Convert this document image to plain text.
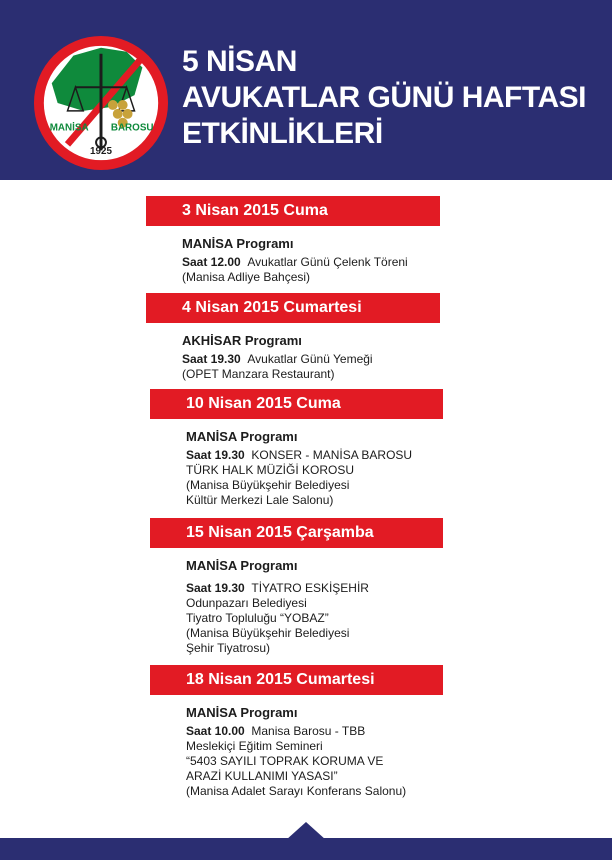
MANİSA BAROSU
1925
5 NİSAN
AVUKATLAR GÜNÜ HAFTASI
ETKİNLİKLERİ
3 Nisan 2015 Cuma
MANİSA Programı
Saat 12.00 Avukatlar Günü Çelenk Töreni
(Manisa Adliye Bahçesi)
4 Nisan 2015 Cumartesi
AKHİSAR Programı
Saat 19.30 Avukatlar Günü Yemeği
(OPET Manzara Restaurant)
10 Nisan 2015 Cuma
MANİSA Programı
Saat 19.30 KONSER - MANİSA BAROSU
TÜRK HALK MÜZİĞİ KOROSU
(Manisa Büyükşehir Belediyesi
Kültür Merkezi Lale Salonu)
15 Nisan 2015 Çarşamba
MANİSA Programı
Saat 19.30 TİYATRO ESKİŞEHİR
Odunpazarı Belediyesi
Tiyatro Topluluğu “YOBAZ”
(Manisa Büyükşehir Belediyesi
Şehir Tiyatrosu)
18 Nisan 2015 Cumartesi
MANİSA Programı
Saat 10.00 Manisa Barosu - TBB
Meslekiçi Eğitim Semineri
“5403 SAYILI TOPRAK KORUMA VE
ARAZİ KULLANIMI YASASI”
(Manisa Adalet Sarayı Konferans Salonu)
